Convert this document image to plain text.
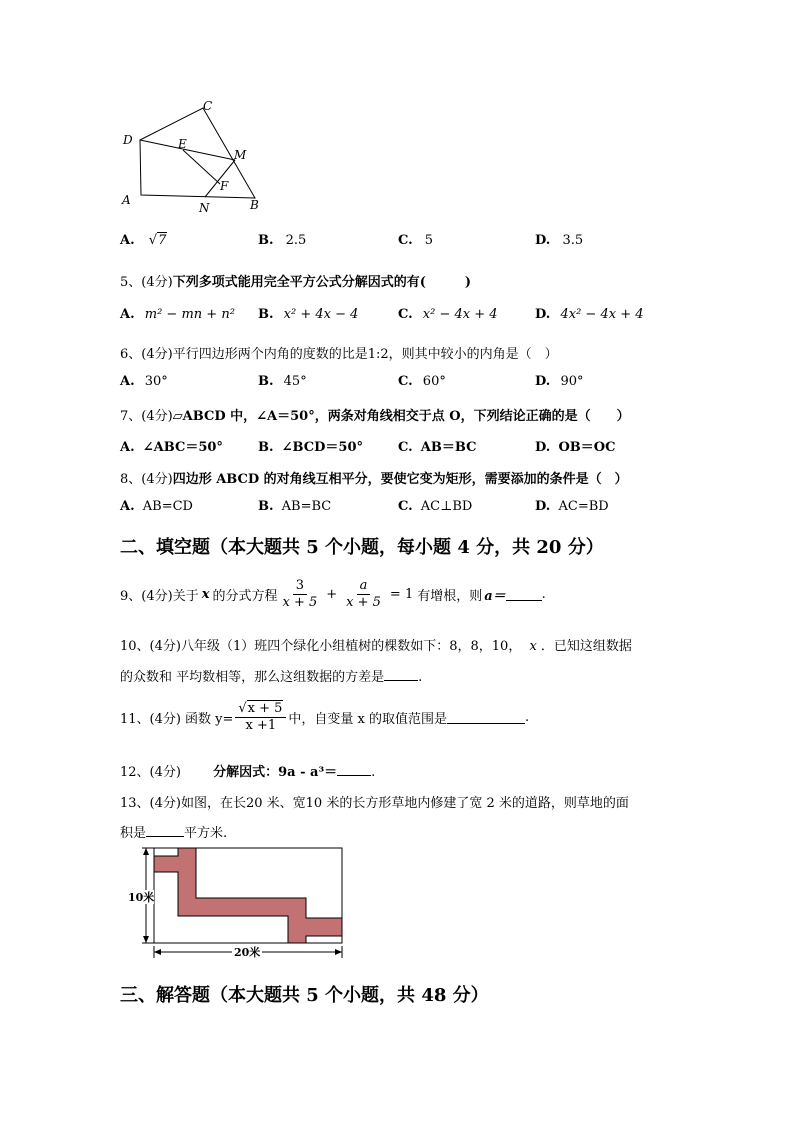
C
D	E
M
F
A
N	B
A. √7	B. 2.5	C. 5	D. 3.5
5、(4分)下列多项式能用完全平方公式分解因式的有(　　　)
A. m² − mn + n² B. x² + 4x − 4	C. x² − 4x + 4	D. 4x² − 4x + 4
6、(4分)平行四边形两个内角的度数的比是1:2，则其中较小的内角是（　）
A. 30°	B. 45°	C. 60°	D. 90°
7、(4分)▱ABCD 中，∠A＝50°，两条对角线相交于点 O，下列结论正确的是（　　）
A. ∠ABC＝50°	B. ∠BCD＝50°	C. AB＝BC	D. OB＝OC
8、(4分)四边形 ABCD 的对角线互相平分，要使它变为矩形，需要添加的条件是（　）
A. AB=CD	B. AB=BC	C. AC⊥BD	D. AC=BD
二、填空题（本大题共 5 个小题，每小题 4 分，共 20 分）
9、(4分) 关于 x 的分式方程 $\frac{3}{x + 5} + \frac{a}{x + 5} = 1$ 有增根，则 a＝	.
10、(4分)八年级（1）班四个绿化小组植树的棵数如下：8，8，10， x ．已知这组数据
的众数和 平均数相等，那么这组数据的方差是	.
11、(4分) 函数 $y= \frac{√x + 5}{x +1}$ 中，自变量 x 的取值范围是	.
12、(4分) 分解因式：9a - a³＝	.
13、(4分)如图，在长20 米、宽10 米的长方形草地内修建了宽 2 米的道路，则草地的面
积是	平方米.
10米
20米
三、解答题（本大题共 5 个小题，共 48 分）
